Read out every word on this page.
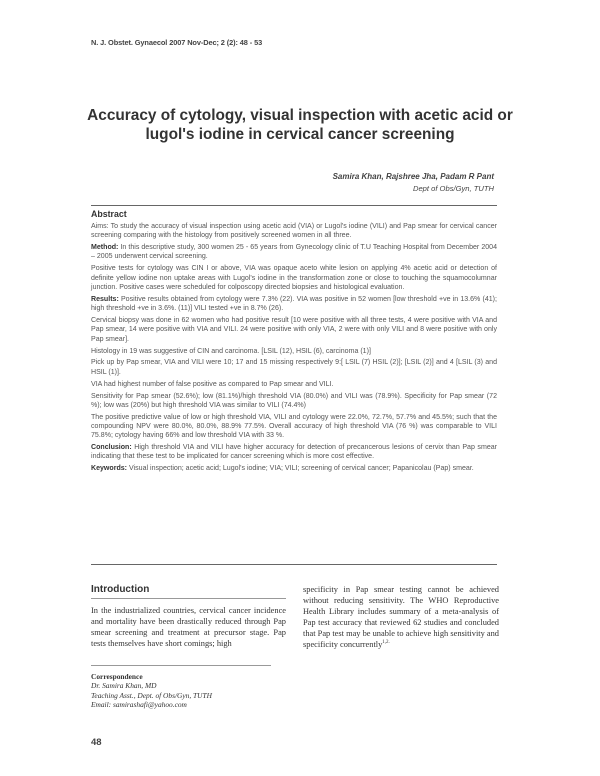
N. J. Obstet. Gynaecol 2007 Nov-Dec; 2 (2): 48 - 53
Accuracy of cytology, visual inspection with acetic acid or lugol's iodine in cervical cancer screening
Samira Khan, Rajshree Jha, Padam R Pant
Dept of Obs/Gyn, TUTH
Abstract

Aims: To study the accuracy of visual inspection using acetic acid (VIA) or Lugol's iodine (VILI) and Pap smear for cervical cancer screening comparing with the histology from positively screened women in all three.

Method: In this descriptive study, 300 women 25 - 65 years from Gynecology clinic of T.U Teaching Hospital from December 2004 – 2005 underwent cervical screening.

Positive tests for cytology was CIN I or above, VIA was opaque aceto white lesion on applying 4% acetic acid or detection of definite yellow iodine non uptake areas with Lugol's iodine in the transformation zone or close to touching the squamocolumnar junction. Positive cases were scheduled for colposcopy directed biopsies and histological evaluation.

Results: Positive results obtained from cytology were 7.3% (22). VIA was positive in 52 women [low threshold +ve in 13.6% (41); high threshold +ve in 3.6%. (11)] VILI tested +ve in 8.7% (26).

Cervical biopsy was done in 62 women who had positive result [10 were positive with all three tests, 4 were positive with VIA and Pap smear, 14 were positive with VIA and VILI. 24 were positive with only VIA, 2 were with only VILI and 8 were positive with only Pap smear].

Histology in 19 was suggestive of CIN and carcinoma. [LSIL (12), HSIL (6), carcinoma (1)]

Pick up by Pap smear, VIA and VILI were 10; 17 and 15 missing respectively 9:[ LSIL (7) HSIL (2)]; [LSIL (2)] and 4 [LSIL (3) and HSIL (1)].

VIA had highest number of false positive as compared to Pap smear and VILI.

Sensitivity for Pap smear (52.6%); low (81.1%)/high threshold VIA (80.0%) and VILI was (78.9%). Specificity for Pap smear (72 %); low was (20%) but high threshold VIA was similar to VILI (74.4%)

The positive predictive value of low or high threshold VIA, VILI and cytology were 22.0%, 72.7%, 57.7% and 45.5%; such that the compounding NPV were 80.0%, 80.0%, 88.9% 77.5%. Overall accuracy of high threshold VIA (76 %) was comparable to VILI 75.8%; cytology having 66% and low threshold VIA with 33 %.

Conclusion: High threshold VIA and VILI have higher accuracy for detection of precancerous lesions of cervix than Pap smear indicating that these test to be implicated for cancer screening which is more cost effective.

Keywords: Visual inspection; acetic acid; Lugol's iodine; VIA; VILI; screening of cervical cancer; Papanicolau (Pap) smear.

Introduction

In the industrialized countries, cervical cancer incidence and mortality have been drastically reduced through Pap smear screening and treatment at precursor stage. Pap tests themselves have short comings; high

specificity in Pap smear testing cannot be achieved without reducing sensitivity. The WHO Reproductive Health Library includes summary of a meta-analysis of Pap test accuracy that reviewed 62 studies and concluded that Pap test may be unable to achieve high sensitivity and specificity concurrently$^{1,2.}$

Correspondence
Dr. Samira Khan, MD
Teaching Asst., Dept. of Obs/Gyn, TUTH
Email: samirashafi@yahoo.com
48
